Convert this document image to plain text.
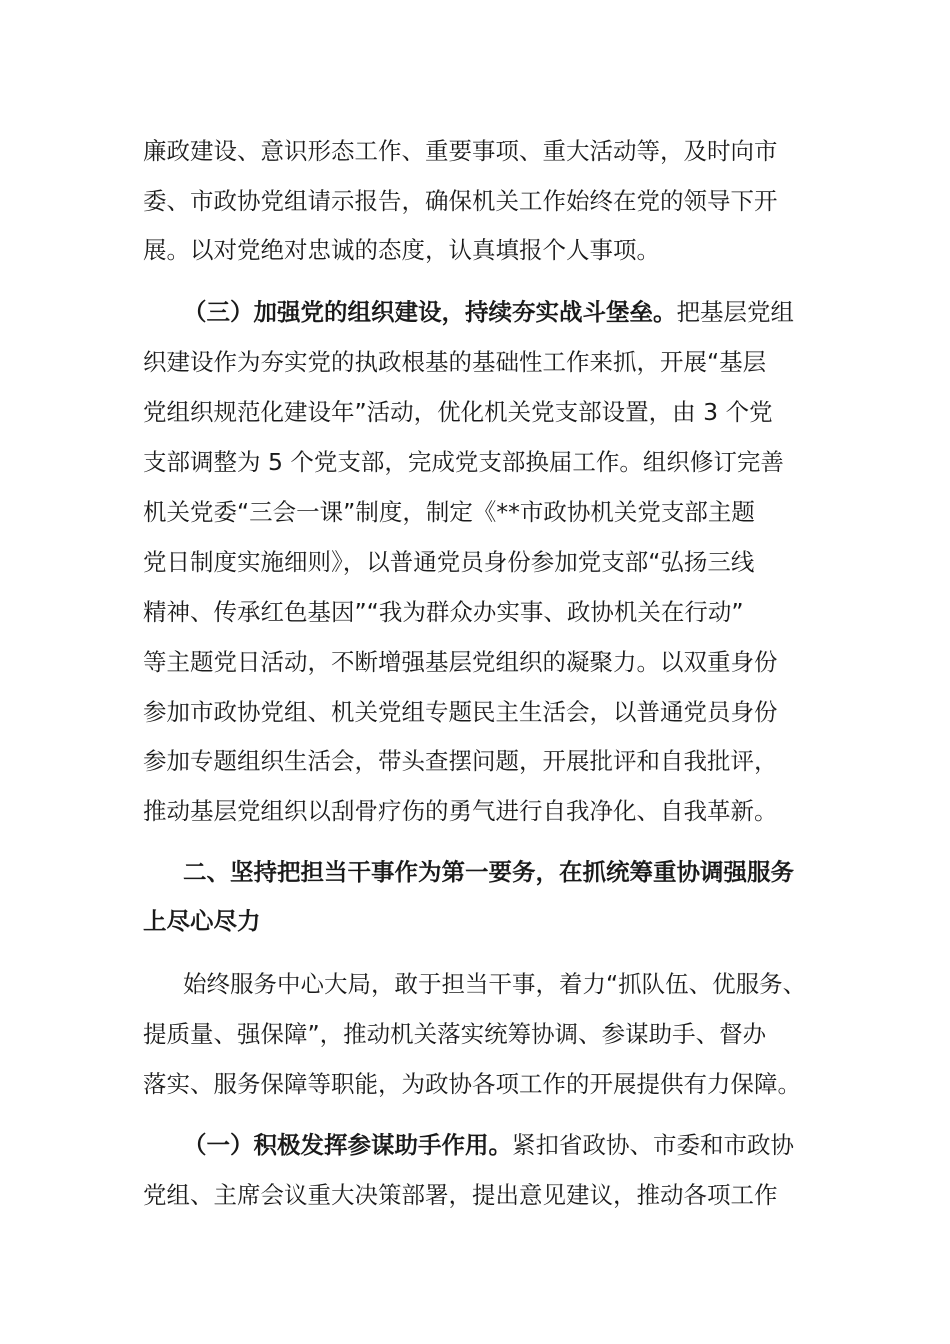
廉政建设、意识形态工作、重要事项、重大活动等，及时向市
委、市政协党组请示报告，确保机关工作始终在党的领导下开
展。以对党绝对忠诚的态度，认真填报个人事项。
（三）加强党的组织建设，持续夯实战斗堡垒。把基层党组
织建设作为夯实党的执政根基的基础性工作来抓，开展“基层
党组织规范化建设年”活动，优化机关党支部设置，由 3 个党
支部调整为 5 个党支部，完成党支部换届工作。组织修订完善
机关党委“三会一课”制度，制定《**市政协机关党支部主题
党日制度实施细则》，以普通党员身份参加党支部“弘扬三线
精神、传承红色基因”“我为群众办实事、政协机关在行动”
等主题党日活动，不断增强基层党组织的凝聚力。以双重身份
参加市政协党组、机关党组专题民主生活会，以普通党员身份
参加专题组织生活会，带头查摆问题，开展批评和自我批评，
推动基层党组织以刮骨疗伤的勇气进行自我净化、自我革新。
二、坚持把担当干事作为第一要务，在抓统筹重协调强服务
上尽心尽力
始终服务中心大局，敢于担当干事，着力“抓队伍、优服务、
提质量、强保障”，推动机关落实统筹协调、参谋助手、督办
落实、服务保障等职能，为政协各项工作的开展提供有力保障。
（一）积极发挥参谋助手作用。紧扣省政协、市委和市政协
党组、主席会议重大决策部署，提出意见建议，推动各项工作
